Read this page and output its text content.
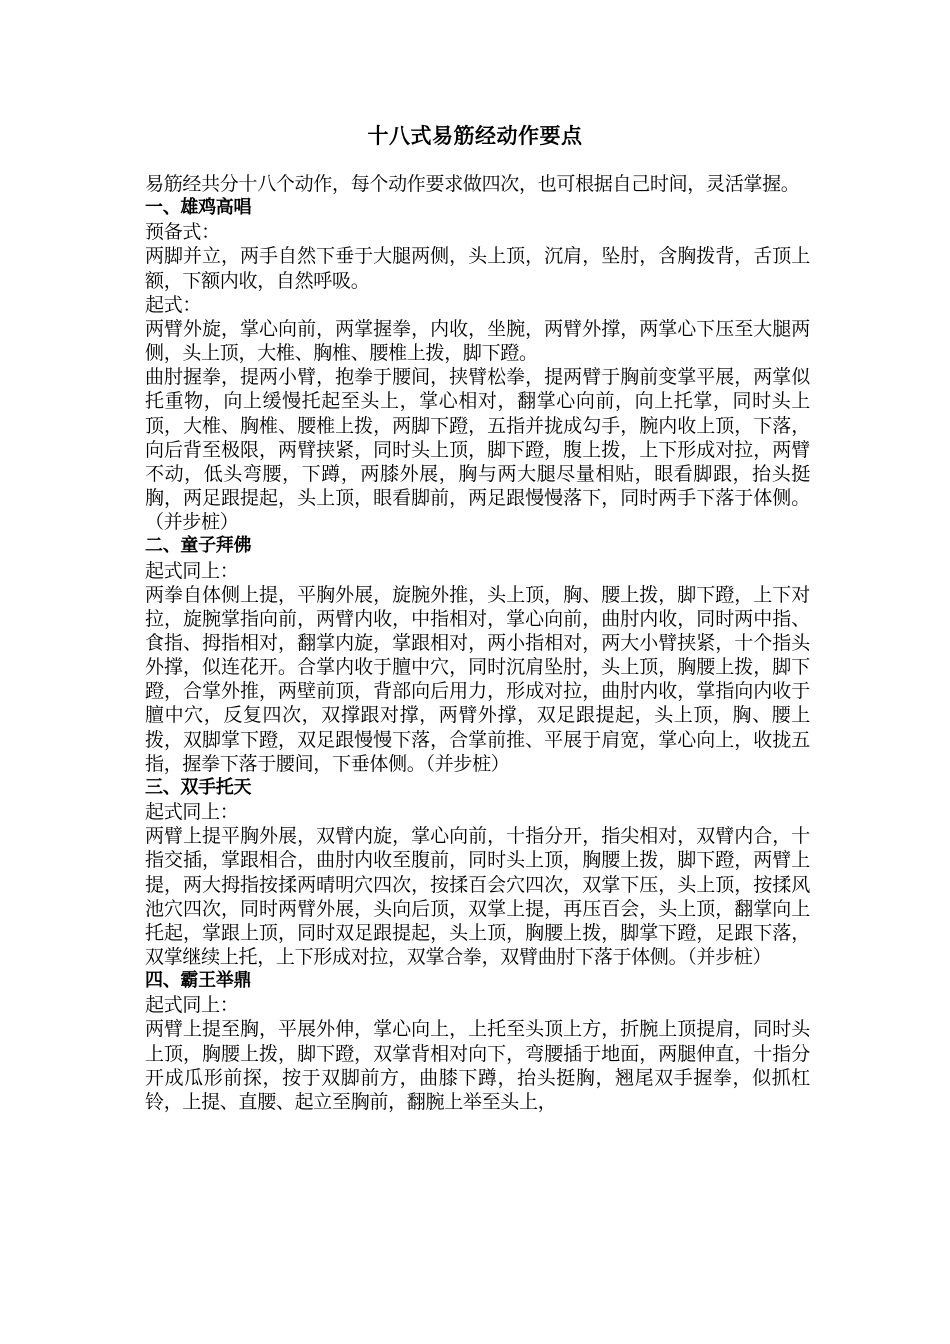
十八式易筋经动作要点

易筋经共分十八个动作，每个动作要求做四次，也可根据自己时间，灵活掌握。

一、雄鸡高唱

预备式：

两脚并立，两手自然下垂于大腿两侧，头上顶，沉肩，坠肘，含胸拨背，舌顶上额，下额内收，自然呼吸。

起式：

两臂外旋，掌心向前，两掌握拳，内收，坐腕，两臂外撑，两掌心下压至大腿两侧，头上顶，大椎、胸椎、腰椎上拨，脚下蹬。

曲肘握拳，提两小臂，抱拳于腰间，挟臂松拳，提两臂于胸前变掌平展，两掌似托重物，向上缓慢托起至头上，掌心相对，翻掌心向前，向上托掌，同时头上顶，大椎、胸椎、腰椎上拨，两脚下蹬，五指并拢成勾手，腕内收上顶，下落，向后背至极限，两臂挟紧，同时头上顶，脚下蹬，腹上拨，上下形成对拉，两臂不动，低头弯腰，下蹲，两膝外展，胸与两大腿尽量相贴，眼看脚跟，抬头挺胸，两足跟提起，头上顶，眼看脚前，两足跟慢慢落下，同时两手下落于体侧。（并步桩）

二、童子拜佛

起式同上：

两拳自体侧上提，平胸外展，旋腕外推，头上顶，胸、腰上拨，脚下蹬，上下对拉，旋腕掌指向前，两臂内收，中指相对，掌心向前，曲肘内收，同时两中指、食指、拇指相对，翻掌内旋，掌跟相对，两小指相对，两大小臂挟紧，十个指头外撑，似连花开。合掌内收于膻中穴，同时沉肩坠肘，头上顶，胸腰上拨，脚下蹬，合掌外推，两壁前顶，背部向后用力，形成对拉，曲肘内收，掌指向内收于膻中穴，反复四次，双撑跟对撑，两臂外撑，双足跟提起，头上顶，胸、腰上拨，双脚掌下蹬，双足跟慢慢下落，合掌前推、平展于肩宽，掌心向上，收拢五指，握拳下落于腰间，下垂体侧。（并步桩）

三、双手托天

起式同上：

两臂上提平胸外展，双臂内旋，掌心向前，十指分开，指尖相对，双臂内合，十指交插，掌跟相合，曲肘内收至腹前，同时头上顶，胸腰上拨，脚下蹬，两臂上提，两大拇指按揉两晴明穴四次，按揉百会穴四次，双掌下压，头上顶，按揉风池穴四次，同时两臂外展，头向后顶，双掌上提，再压百会，头上顶，翻掌向上托起，掌跟上顶，同时双足跟提起，头上顶，胸腰上拨，脚掌下蹬，足跟下落，双掌继续上托，上下形成对拉，双掌合拳，双臂曲肘下落于体侧。（并步桩）

四、霸王举鼎

起式同上：

两臂上提至胸，平展外伸，掌心向上，上托至头顶上方，折腕上顶提肩，同时头上顶，胸腰上拨，脚下蹬，双掌背相对向下，弯腰插于地面，两腿伸直，十指分开成瓜形前探，按于双脚前方，曲膝下蹲，抬头挺胸，翘尾双手握拳，似抓杠铃，上提、直腰、起立至胸前，翻腕上举至头上，
